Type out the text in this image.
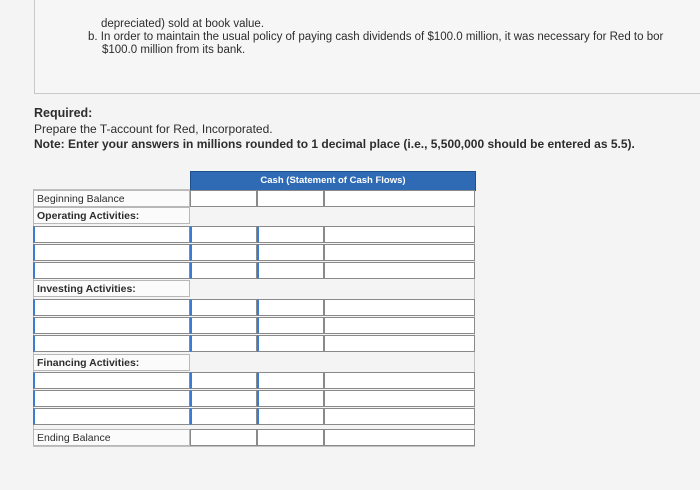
depreciated) sold at book value.
b. In order to maintain the usual policy of paying cash dividends of $100.0 million, it was necessary for Red to bor
$100.0 million from its bank.
Required:
Prepare the T-account for Red, Incorporated.
Note: Enter your answers in millions rounded to 1 decimal place (i.e., 5,500,000 should be entered as 5.5).
Cash (Statement of Cash Flows)
Beginning Balance
Operating Activities:
Investing Activities:
Financing Activities:
Ending Balance
